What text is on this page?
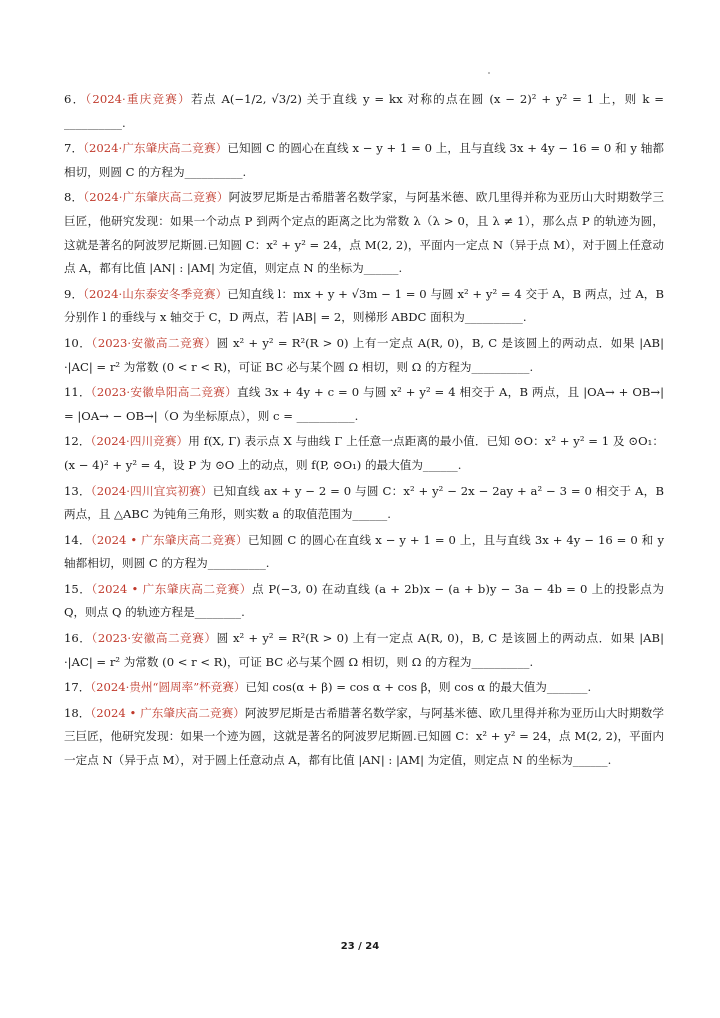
6．（2024·重庆竞赛）若点 A(−1/2, √3/2) 关于直线 y = kx 对称的点在圆 (x − 2)² + y² = 1 上，则 k = __________.
7．（2024·广东肇庆高二竞赛）已知圆 C 的圆心在直线 x − y + 1 = 0 上，且与直线 3x + 4y − 16 = 0 和 y 轴都相切，则圆 C 的方程为__________.
8．（2024·广东肇庆高二竞赛）阿波罗尼斯是古希腊著名数学家，与阿基米德、欧几里得并称为亚历山大时期数学三巨匠，他研究发现：如果一个动点 P 到两个定点的距离之比为常数 λ（λ > 0，且 λ ≠ 1），那么点 P 的轨迹为圆，这就是著名的阿波罗尼斯圆.已知圆 C：x² + y² = 24，点 M(2, 2)，平面内一定点 N（异于点 M），对于圆上任意动点 A，都有比值 |AN| : |AM| 为定值，则定点 N 的坐标为______.
9．（2024·山东泰安冬季竞赛）已知直线 l：mx + y + √3m − 1 = 0 与圆 x² + y² = 4 交于 A，B 两点，过 A，B 分别作 l 的垂线与 x 轴交于 C，D 两点，若 |AB| = 2，则梯形 ABDC 面积为__________.
10．（2023·安徽高二竞赛）圆 x² + y² = R²(R > 0) 上有一定点 A(R, 0)，B, C 是该圆上的两动点．如果 |AB|·|AC| = r² 为常数 (0 < r < R)，可证 BC 必与某个圆 Ω 相切，则 Ω 的方程为__________.
11．（2023·安徽阜阳高二竞赛）直线 3x + 4y + c = 0 与圆 x² + y² = 4 相交于 A，B 两点，且 |OA→ + OB→| = |OA→ − OB→|（O 为坐标原点），则 c = __________.
12．（2024·四川竞赛）用 f(X, Γ) 表示点 X 与曲线 Γ 上任意一点距离的最小值．已知 ⊙O：x² + y² = 1 及 ⊙O₁：(x − 4)² + y² = 4，设 P 为 ⊙O 上的动点，则 f(P, ⊙O₁) 的最大值为______.
13．（2024·四川宜宾初赛）已知直线 ax + y − 2 = 0 与圆 C：x² + y² − 2x − 2ay + a² − 3 = 0 相交于 A，B 两点，且 △ABC 为钝角三角形，则实数 a 的取值范围为______.
14．（2024 • 广东肇庆高二竞赛）已知圆 C 的圆心在直线 x − y + 1 = 0 上，且与直线 3x + 4y − 16 = 0 和 y 轴都相切，则圆 C 的方程为__________.
15．（2024 • 广东肇庆高二竞赛）点 P(−3, 0) 在动直线 (a + 2b)x − (a + b)y − 3a − 4b = 0 上的投影点为 Q，则点 Q 的轨迹方程是________.
16．（2023·安徽高二竞赛）圆 x² + y² = R²(R > 0) 上有一定点 A(R, 0)，B, C 是该圆上的两动点．如果 |AB|·|AC| = r² 为常数 (0 < r < R)，可证 BC 必与某个圆 Ω 相切，则 Ω 的方程为__________.
17．（2024·贵州“圆周率”杯竞赛）已知 cos(α + β) = cos α + cos β，则 cos α 的最大值为_______.
18．（2024 • 广东肇庆高二竞赛）阿波罗尼斯是古希腊著名数学家，与阿基米德、欧几里得并称为亚历山大时期数学三巨匠，他研究发现：如果一个迹为圆，这就是著名的阿波罗尼斯圆.已知圆 C：x² + y² = 24，点 M(2, 2)，平面内一定点 N（异于点 M），对于圆上任意动点 A，都有比值 |AN| : |AM| 为定值，则定点 N 的坐标为______.
23 / 24
